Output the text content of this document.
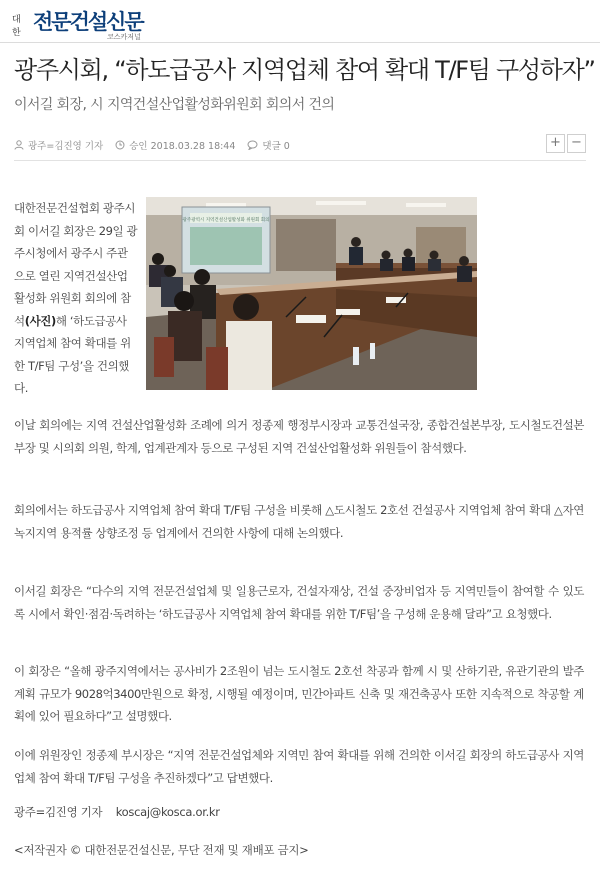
대한 전문건설신문
코스카저널
광주시회, “하도급공사 지역업체 참여 확대 T/F팀 구성하자”
이서길 회장, 시 지역건설산업활성화위원회 회의서 건의
광주=김진영 기자	승인 2018.03.28 18:44	댓글 0	+ −
광주광역시 지역건설산업활성화 위원회 회의
대한전문건설협회 광주시회 이서길 회장은 29일 광주시청에서 광주시 주관으로 열린 지역건설산업활성화 위원회 회의에 참석(사진)해 ‘하도급공사 지역업체 참여 확대를 위한 T/F팀 구성’을 건의했다.
이날 회의에는 지역 건설산업활성화 조례에 의거 정종제 행정부시장과 교통건설국장, 종합건설본부장, 도시철도건설본부장 및 시의회 의원, 학계, 업계관계자 등으로 구성된 지역 건설산업활성화 위원들이 참석했다.
회의에서는 하도급공사 지역업체 참여 확대 T/F팀 구성을 비롯해 △도시철도 2호선 건설공사 지역업체 참여 확대 △자연녹지지역 용적률 상향조정 등 업계에서 건의한 사항에 대해 논의했다.
이서길 회장은 “다수의 지역 전문건설업체 및 일용근로자, 건설자재상, 건설 중장비업자 등 지역민들이 참여할 수 있도록 시에서 확인·점검·독려하는 ‘하도급공사 지역업체 참여 확대를 위한 T/F팀’을 구성해 운용해 달라”고 요청했다.
이 회장은 “올해 광주지역에서는 공사비가 2조원이 넘는 도시철도 2호선 착공과 함께 시 및 산하기관, 유관기관의 발주계획 규모가 9028억3400만원으로 확정, 시행될 예정이며, 민간아파트 신축 및 재건축공사 또한 지속적으로 착공할 계획에 있어 필요하다”고 설명했다.
이에 위원장인 정종제 부시장은 “지역 전문건설업체와 지역민 참여 확대를 위해 건의한 이서길 회장의 하도급공사 지역업체 참여 확대 T/F팀 구성을 추진하겠다”고 답변했다.
광주=김진영 기자 koscaj@kosca.or.kr
<저작권자 © 대한전문건설신문, 무단 전재 및 재배포 금지>
